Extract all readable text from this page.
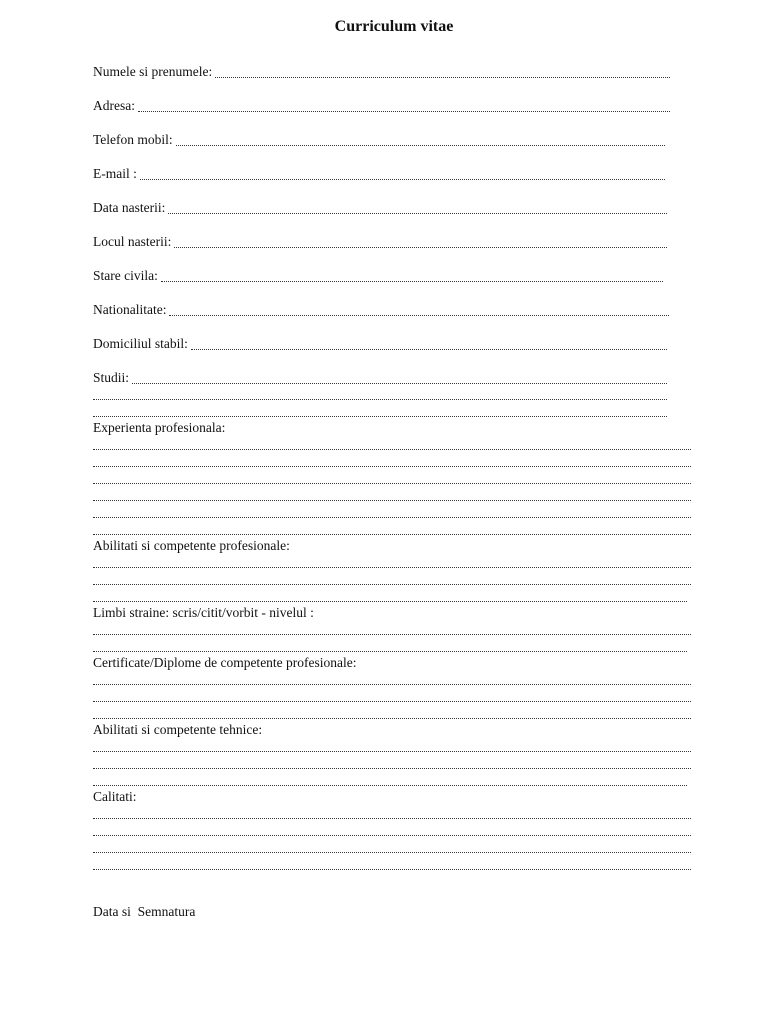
Curriculum vitae
Numele si prenumele:
Adresa:
Telefon mobil:
E-mail :
Data nasterii:
Locul nasterii:
Stare civila:
Nationalitate:
Domiciliul stabil:
Studii:
Experienta profesionala:
Abilitati si competente profesionale:
Limbi straine: scris/citit/vorbit - nivelul :
Certificate/Diplome de competente profesionale:
Abilitati si competente tehnice:
Calitati:
Data si  Semnatura
